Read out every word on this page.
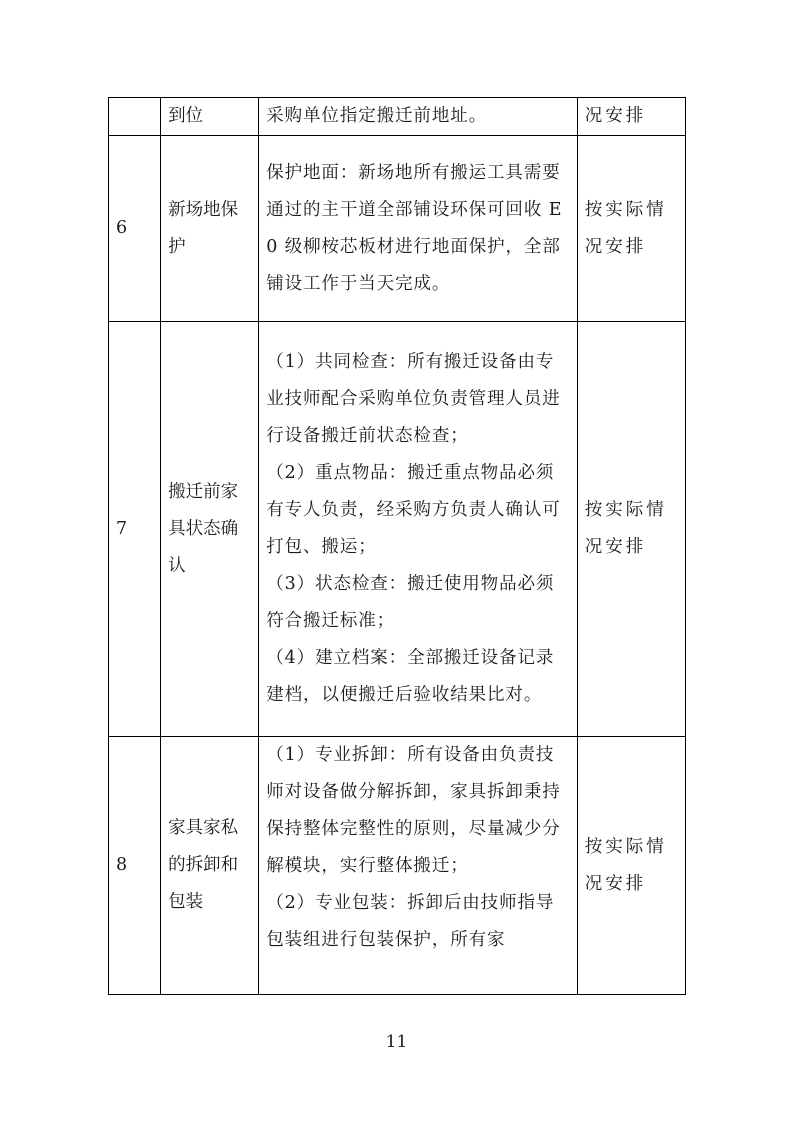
	到位	采购单位指定搬迁前地址。	况安排
6	新场地保护	保护地面：新场地所有搬运工具需要通过的主干道全部铺设环保可回收 E0 级柳桉芯板材进行地面保护，全部铺设工作于当天完成。	按实际情况安排
7	搬迁前家具状态确认	（1）共同检查：所有搬迁设备由专业技师配合采购单位负责管理人员进行设备搬迁前状态检查；

（2）重点物品：搬迁重点物品必须有专人负责，经采购方负责人确认可打包、搬运；

（3）状态检查：搬迁使用物品必须符合搬迁标准；

（4）建立档案：全部搬迁设备记录建档，以便搬迁后验收结果比对。	按实际情况安排
8	家具家私的拆卸和包装	（1）专业拆卸：所有设备由负责技师对设备做分解拆卸，家具拆卸秉持保持整体完整性的原则，尽量减少分解模块，实行整体搬迁；

（2）专业包装：拆卸后由技师指导包装组进行包装保护，所有家	按实际情况安排
11
